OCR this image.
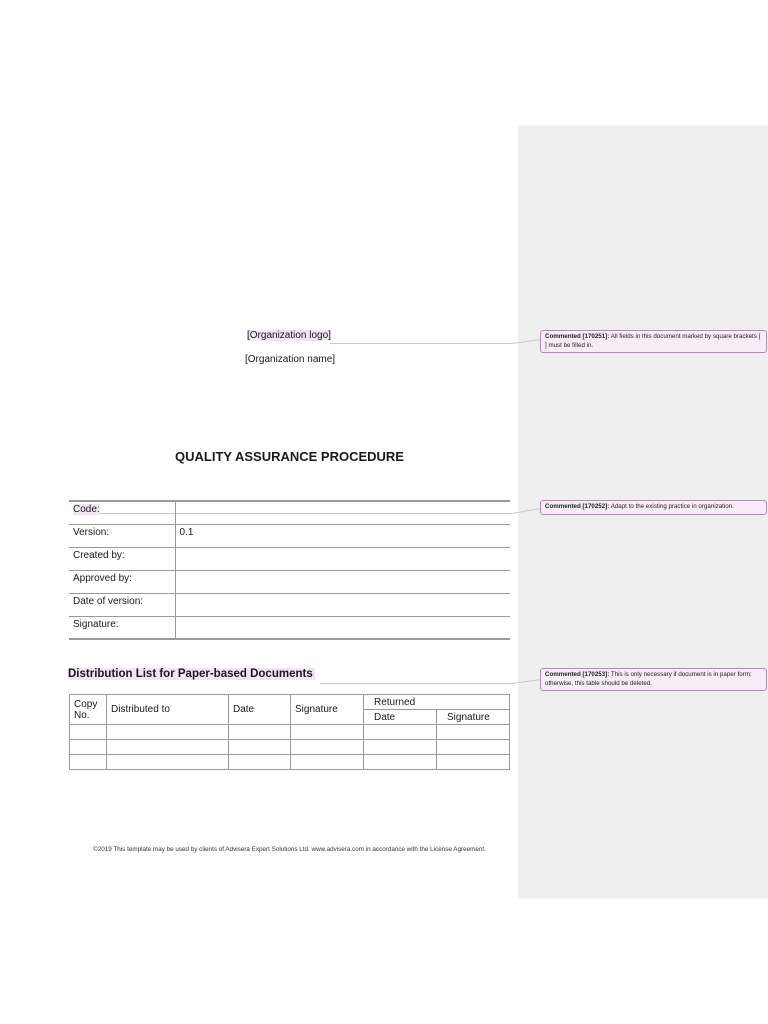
[Organization logo]
[Organization name]
Commented [170251]: All fields in this document marked by square brackets [ ] must be filled in.
Commented [170252]: Adapt to the existing practice in organization.
Commented [170253]: This is only necessary if document is in paper form; otherwise, this table should be deleted.
QUALITY ASSURANCE PROCEDURE
Code:	
Version:	0.1
Created by:	
Approved by:	
Date of version:	
Signature:	
Distribution List for Paper-based Documents
Copy No.	Distributed to	Date	Signature	Returned	
				Date	Signature

©2019 This template may be used by clients of Advisera Expert Solutions Ltd. www.advisera.com in accordance with the License Agreement.
